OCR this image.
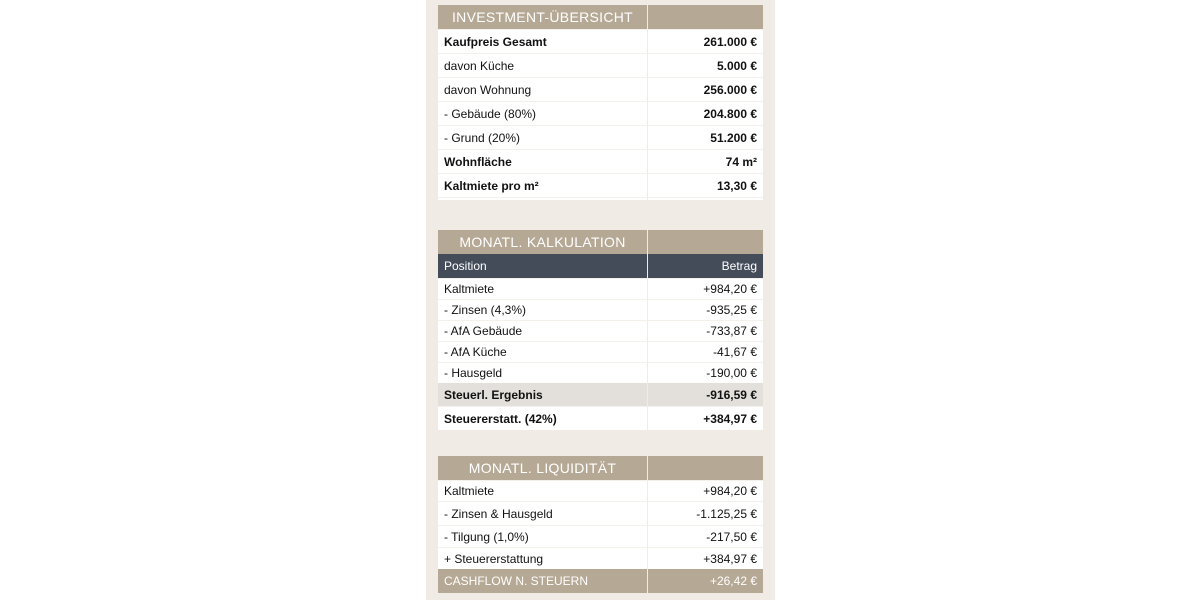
INVESTMENT-ÜBERSICHT	
Kaufpreis Gesamt	261.000 €
davon Küche	5.000 €
davon Wohnung	256.000 €
- Gebäude (80%)	204.800 €
- Grund (20%)	51.200 €
Wohnfläche	74 m²
Kaltmiete pro m²	13,30 €

MONATL. KALKULATION	
Position	Betrag
Kaltmiete	+984,20 €
- Zinsen (4,3%)	-935,25 €
- AfA Gebäude	-733,87 €
- AfA Küche	-41,67 €
- Hausgeld	-190,00 €
Steuerl. Ergebnis	-916,59 €
Steuererstatt. (42%)	+384,97 €
MONATL. LIQUIDITÄT	
Kaltmiete	+984,20 €
- Zinsen & Hausgeld	-1.125,25 €
- Tilgung (1,0%)	-217,50 €
+ Steuererstattung	+384,97 €
CASHFLOW N. STEUERN	+26,42 €
